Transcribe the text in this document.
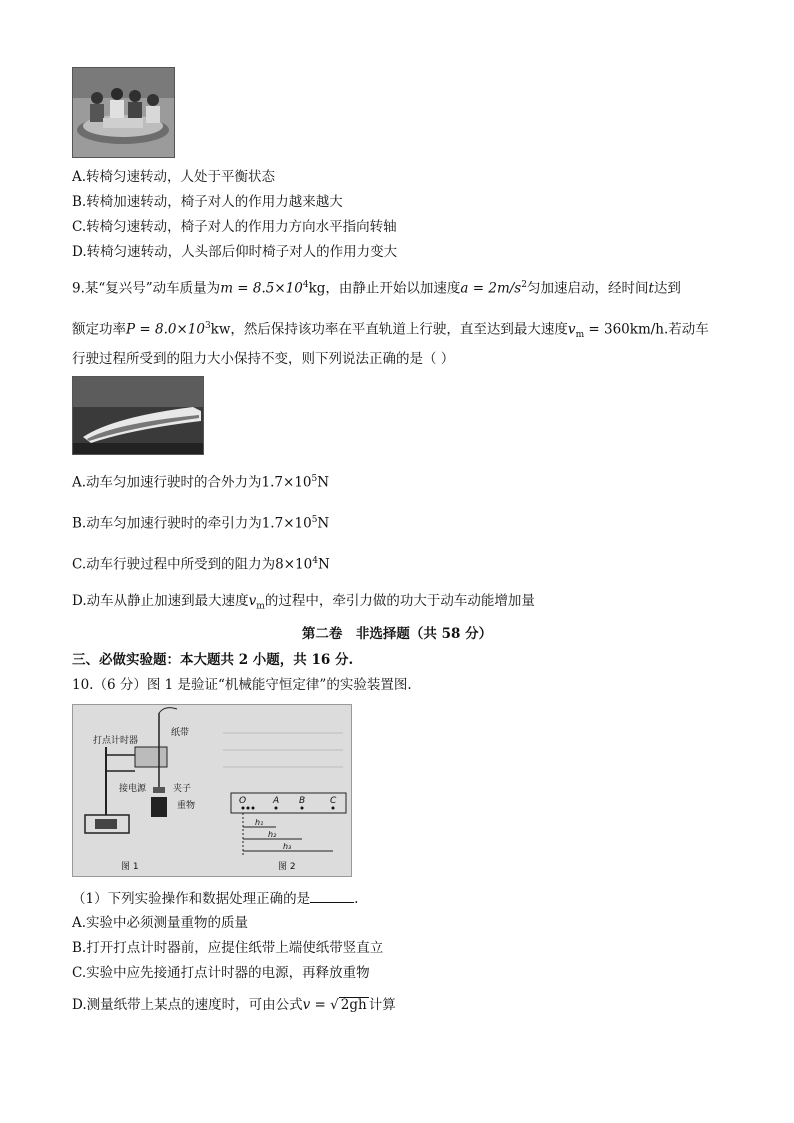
A.转椅匀速转动，人处于平衡状态
B.转椅加速转动，椅子对人的作用力越来越大
C.转椅匀速转动，椅子对人的作用力方向水平指向转轴
D.转椅匀速转动，人头部后仰时椅子对人的作用力变大
9.某“复兴号”动车质量为$m = 8.5\times 10^4kg$，由静止开始以加速度$a = 2m/s^2$匀加速启动，经时间t达到
额定功率$P = 8.0\times 10^3kw$，然后保持该功率在平直轨道上行驶，直至达到最大速度$v_m = 360km/h$.若动车
行驶过程所受到的阻力大小保持不变，则下列说法正确的是（ ）
A.动车匀加速行驶时的合外力为$1.7\times 10^5N$
B.动车匀加速行驶时的牵引力为$1.7\times 10^5N$
C.动车行驶过程中所受到的阻力为$8\times 10^4N$
D.动车从静止加速到最大速度$v_m$的过程中，牵引力做的功大于动车动能增加量
第二卷　非选择题（共 58 分）
三、必做实验题：本大题共 2 小题，共 16 分.
10.（6 分）图 1 是验证“机械能守恒定律”的实验装置图.
打点计时器
纸带
接电源	夹子
重物
图 1
O	A B	C
h₁
h₂
h₃
图 2
（1）下列实验操作和数据处理正确的是	.
A.实验中必须测量重物的质量
B.打开打点计时器前，应提住纸带上端使纸带竖直立
C.实验中应先接通打点计时器的电源，再释放重物
D.测量纸带上某点的速度时，可由公式v = √ 2gh 计算
